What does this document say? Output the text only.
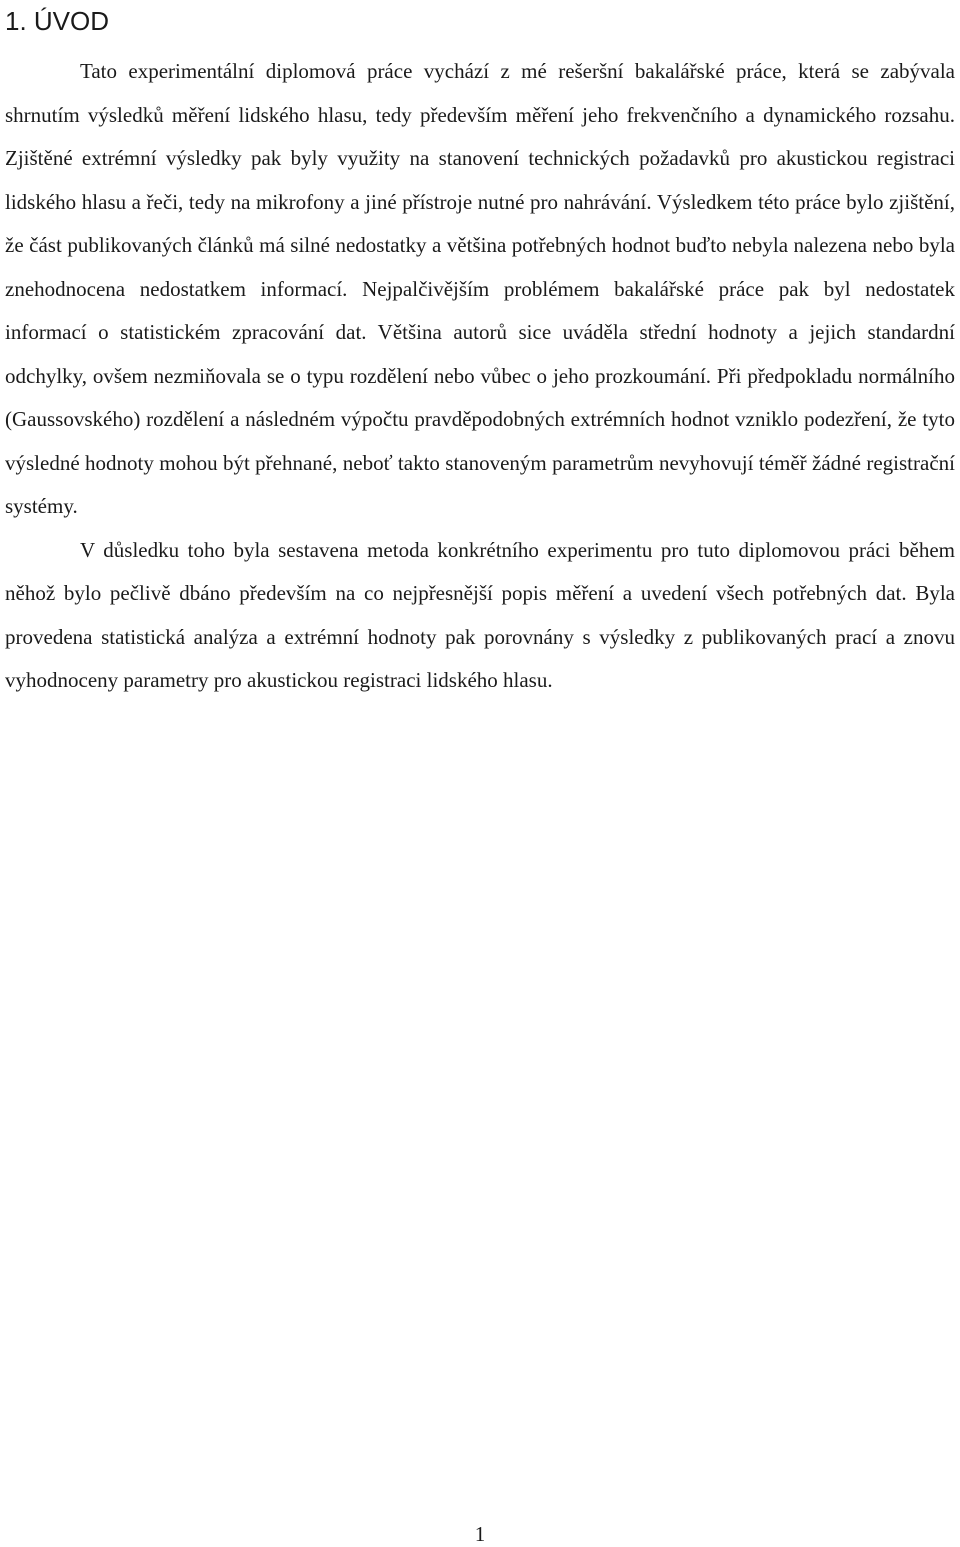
1. ÚVOD

Tato experimentální diplomová práce vychází z mé rešeršní bakalářské práce, která se zabývala shrnutím výsledků měření lidského hlasu, tedy především měření jeho frekvenčního a dynamického rozsahu. Zjištěné extrémní výsledky pak byly využity na stanovení technických požadavků pro akustickou registraci lidského hlasu a řeči, tedy na mikrofony a jiné přístroje nutné pro nahrávání. Výsledkem této práce bylo zjištění, že část publikovaných článků má silné nedostatky a většina potřebných hodnot buďto nebyla nalezena nebo byla znehodnocena nedostatkem informací. Nejpalčivějším problémem bakalářské práce pak byl nedostatek informací o statistickém zpracování dat. Většina autorů sice uváděla střední hodnoty a jejich standardní odchylky, ovšem nezmiňovala se o typu rozdělení nebo vůbec o jeho prozkoumání. Při předpokladu normálního (Gaussovského) rozdělení a následném výpočtu pravděpodobných extrémních hodnot vzniklo podezření, že tyto výsledné hodnoty mohou být přehnané, neboť takto stanoveným parametrům nevyhovují téměř žádné registrační systémy.

V důsledku toho byla sestavena metoda konkrétního experimentu pro tuto diplomovou práci během něhož bylo pečlivě dbáno především na co nejpřesnější popis měření a uvedení všech potřebných dat. Byla provedena statistická analýza a extrémní hodnoty pak porovnány s výsledky z publikovaných prací a znovu vyhodnoceny parametry pro akustickou registraci lidského hlasu.

1
